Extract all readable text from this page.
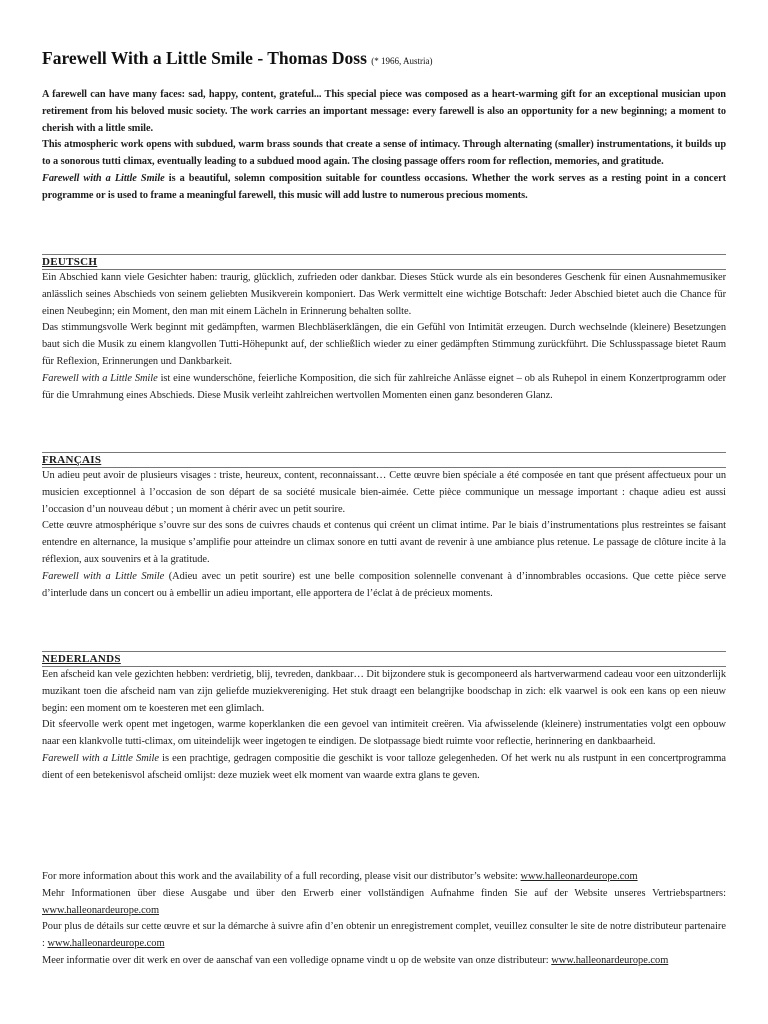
Farewell With a Little Smile - Thomas Doss (* 1966, Austria)

A farewell can have many faces: sad, happy, content, grateful... This special piece was composed as a heart-warming gift for an exceptional musician upon retirement from his beloved music society. The work carries an important message: every farewell is also an opportunity for a new beginning; a moment to cherish with a little smile.

This atmospheric work opens with subdued, warm brass sounds that create a sense of intimacy. Through alternating (smaller) instrumentations, it builds up to a sonorous tutti climax, eventually leading to a subdued mood again. The closing passage offers room for reflection, memories, and gratitude.

Farewell with a Little Smile is a beautiful, solemn composition suitable for countless occasions. Whether the work serves as a resting point in a concert programme or is used to frame a meaningful farewell, this music will add lustre to numerous precious moments.

DEUTSCH

Ein Abschied kann viele Gesichter haben: traurig, glücklich, zufrieden oder dankbar. Dieses Stück wurde als ein besonderes Geschenk für einen Ausnahmemusiker anlässlich seines Abschieds von seinem geliebten Musikverein komponiert. Das Werk vermittelt eine wichtige Botschaft: Jeder Abschied bietet auch die Chance für einen Neubeginn; ein Moment, den man mit einem Lächeln in Erinnerung behalten sollte.

Das stimmungsvolle Werk beginnt mit gedämpften, warmen Blechbläserklängen, die ein Gefühl von Intimität erzeugen. Durch wechselnde (kleinere) Besetzungen baut sich die Musik zu einem klangvollen Tutti-Höhepunkt auf, der schließlich wieder zu einer gedämpften Stimmung zurückführt. Die Schlusspassage bietet Raum für Reflexion, Erinnerungen und Dankbarkeit.

Farewell with a Little Smile ist eine wunderschöne, feierliche Komposition, die sich für zahlreiche Anlässe eignet – ob als Ruhepol in einem Konzertprogramm oder für die Umrahmung eines Abschieds. Diese Musik verleiht zahlreichen wertvollen Momenten einen ganz besonderen Glanz.

FRANÇAIS

Un adieu peut avoir de plusieurs visages : triste, heureux, content, reconnaissant… Cette œuvre bien spéciale a été composée en tant que présent affectueux pour un musicien exceptionnel à l’occasion de son départ de sa société musicale bien-aimée. Cette pièce communique un message important : chaque adieu est aussi l’occasion d’un nouveau début ; un moment à chérir avec un petit sourire.

Cette œuvre atmosphérique s’ouvre sur des sons de cuivres chauds et contenus qui créent un climat intime. Par le biais d’instrumentations plus restreintes se faisant entendre en alternance, la musique s’amplifie pour atteindre un climax sonore en tutti avant de revenir à une ambiance plus retenue. Le passage de clôture incite à la réflexion, aux souvenirs et à la gratitude.

Farewell with a Little Smile (Adieu avec un petit sourire) est une belle composition solennelle convenant à d’innombrables occasions. Que cette pièce serve d’interlude dans un concert ou à embellir un adieu important, elle apportera de l’éclat à de précieux moments.

NEDERLANDS

Een afscheid kan vele gezichten hebben: verdrietig, blij, tevreden, dankbaar… Dit bijzondere stuk is gecomponeerd als hartverwarmend cadeau voor een uitzonderlijk muzikant toen die afscheid nam van zijn geliefde muziekvereniging. Het stuk draagt een belangrijke boodschap in zich: elk vaarwel is ook een kans op een nieuw begin: een moment om te koesteren met een glimlach.

Dit sfeervolle werk opent met ingetogen, warme koperklanken die een gevoel van intimiteit creëren. Via afwisselende (kleinere) instrumentaties volgt een opbouw naar een klankvolle tutti-climax, om uiteindelijk weer ingetogen te eindigen. De slotpassage biedt ruimte voor reflectie, herinnering en dankbaarheid.

Farewell with a Little Smile is een prachtige, gedragen compositie die geschikt is voor talloze gelegenheden. Of het werk nu als rustpunt in een concertprogramma dient of een betekenisvol afscheid omlijst: deze muziek weet elk moment van waarde extra glans te geven.

For more information about this work and the availability of a full recording, please visit our distributor’s website: www.halleonardeurope.com

Mehr Informationen über diese Ausgabe und über den Erwerb einer vollständigen Aufnahme finden Sie auf der Website unseres Vertriebspartners: www.halleonardeurope.com

Pour plus de détails sur cette œuvre et sur la démarche à suivre afin d’en obtenir un enregistrement complet, veuillez consulter le site de notre distributeur partenaire : www.halleonardeurope.com

Meer informatie over dit werk en over de aanschaf van een volledige opname vindt u op de website van onze distributeur: www.halleonardeurope.com
